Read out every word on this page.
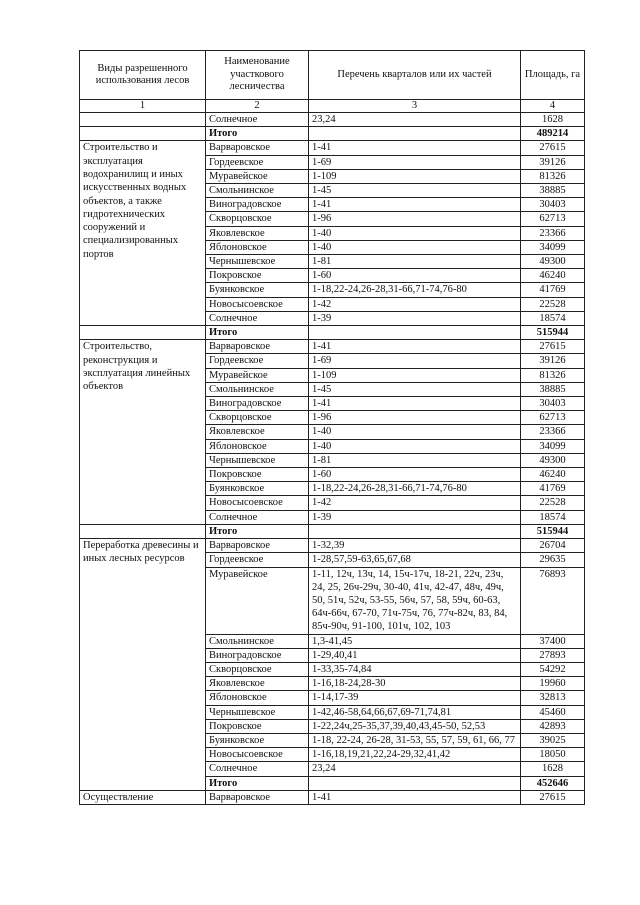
Виды разрешенного использования лесов	Наименование участкового лесничества	Перечень кварталов или их частей	Площадь, га
1	2	3	4
	Солнечное	23,24	1628
	Итого		489214
Строительство и эксплуатация водохранилищ и иных искусственных водных объектов, а также гидротехнических сооружений и специализированных портов	Варваровское	1-41	27615
	Гордеевское	1-69	39126
	Муравейское	1-109	81326
	Смольнинское	1-45	38885
	Виноградовское	1-41	30403
	Скворцовское	1-96	62713
	Яковлевское	1-40	23366
	Яблоновское	1-40	34099
	Чернышевское	1-81	49300
	Покровское	1-60	46240
	Буянковское	1-18,22-24,26-28,31-66,71-74,76-80	41769
	Новосысоевское	1-42	22528
	Солнечное	1-39	18574
	Итого		515944
Строительство, реконструкция и эксплуатация линейных объектов	Варваровское	1-41	27615
	Гордеевское	1-69	39126
	Муравейское	1-109	81326
	Смольнинское	1-45	38885
	Виноградовское	1-41	30403
	Скворцовское	1-96	62713
	Яковлевское	1-40	23366
	Яблоновское	1-40	34099
	Чернышевское	1-81	49300
	Покровское	1-60	46240
	Буянковское	1-18,22-24,26-28,31-66,71-74,76-80	41769
	Новосысоевское	1-42	22528
	Солнечное	1-39	18574
	Итого		515944
Переработка древесины и иных лесных ресурсов	Варваровское	1-32,39	26704
	Гордеевское	1-28,57,59-63,65,67,68	29635
	Муравейское	1-11, 12ч, 13ч, 14, 15ч-17ч, 18-21, 22ч, 23ч, 24, 25, 26ч-29ч, 30-40, 41ч, 42-47, 48ч, 49ч, 50, 51ч, 52ч, 53-55, 56ч, 57, 58, 59ч, 60-63, 64ч-66ч, 67-70, 71ч-75ч, 76, 77ч-82ч, 83, 84, 85ч-90ч, 91-100, 101ч, 102, 103	76893
	Смольнинское	1,3-41,45	37400
	Виноградовское	1-29,40,41	27893
	Скворцовское	1-33,35-74,84	54292
	Яковлевское	1-16,18-24,28-30	19960
	Яблоновское	1-14,17-39	32813
	Чернышевское	1-42,46-58,64,66,67,69-71,74,81	45460
	Покровское	1-22,24ч,25-35,37,39,40,43,45-50, 52,53	42893
	Буянковское	1-18, 22-24, 26-28, 31-53, 55, 57, 59, 61, 66, 77	39025
	Новосысоевское	1-16,18,19,21,22,24-29,32,41,42	18050
	Солнечное	23,24	1628
	Итого		452646
Осуществление	Варваровское	1-41	27615
